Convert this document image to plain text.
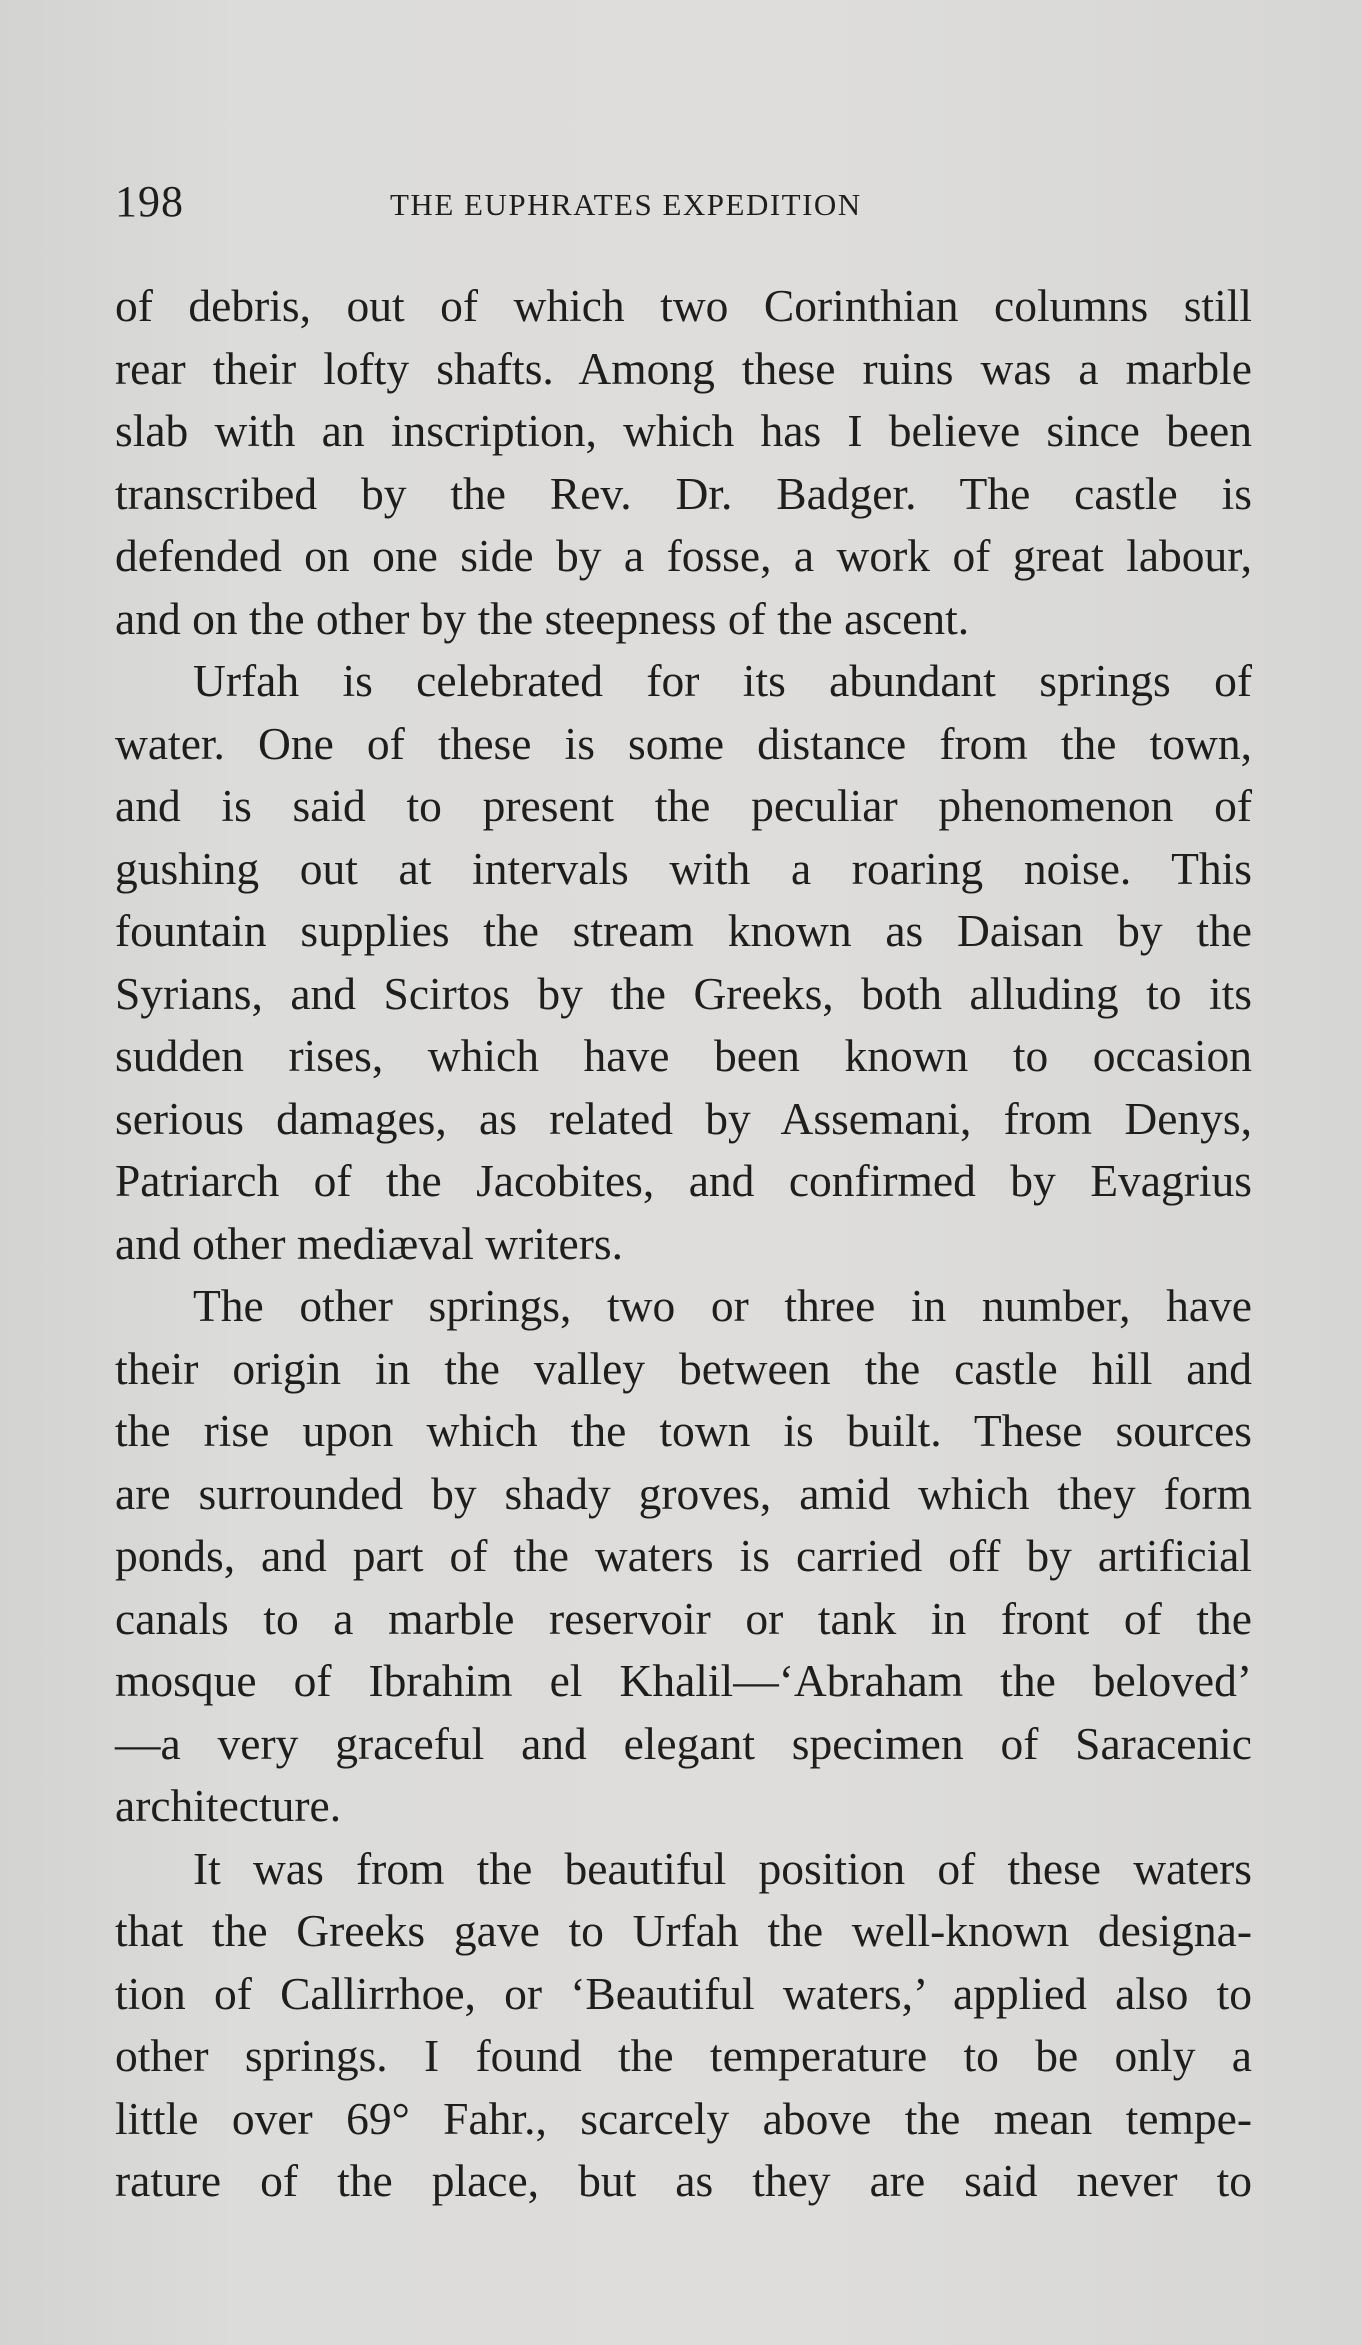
198	THE EUPHRATES EXPEDITION
of debris, out of which two Corinthian columns still
rear their lofty shafts. Among these ruins was a marble
slab with an inscription, which has I believe since been
transcribed by the Rev. Dr. Badger. The castle is
defended on one side by a fosse, a work of great labour,
and on the other by the steepness of the ascent.
Urfah is celebrated for its abundant springs of
water. One of these is some distance from the town,
and is said to present the peculiar phenomenon of
gushing out at intervals with a roaring noise. This
fountain supplies the stream known as Daisan by the
Syrians, and Scirtos by the Greeks, both alluding to its
sudden rises, which have been known to occasion
serious damages, as related by Assemani, from Denys,
Patriarch of the Jacobites, and confirmed by Evagrius
and other mediæval writers.
The other springs, two or three in number, have
their origin in the valley between the castle hill and
the rise upon which the town is built. These sources
are surrounded by shady groves, amid which they form
ponds, and part of the waters is carried off by artificial
canals to a marble reservoir or tank in front of the
mosque of Ibrahim el Khalil—‘Abraham the beloved’
—a very graceful and elegant specimen of Saracenic
architecture.
It was from the beautiful position of these waters
that the Greeks gave to Urfah the well-known designa-
tion of Callirrhoe, or ‘Beautiful waters,’ applied also to
other springs. I found the temperature to be only a
little over 69° Fahr., scarcely above the mean tempe-
rature of the place, but as they are said never to
